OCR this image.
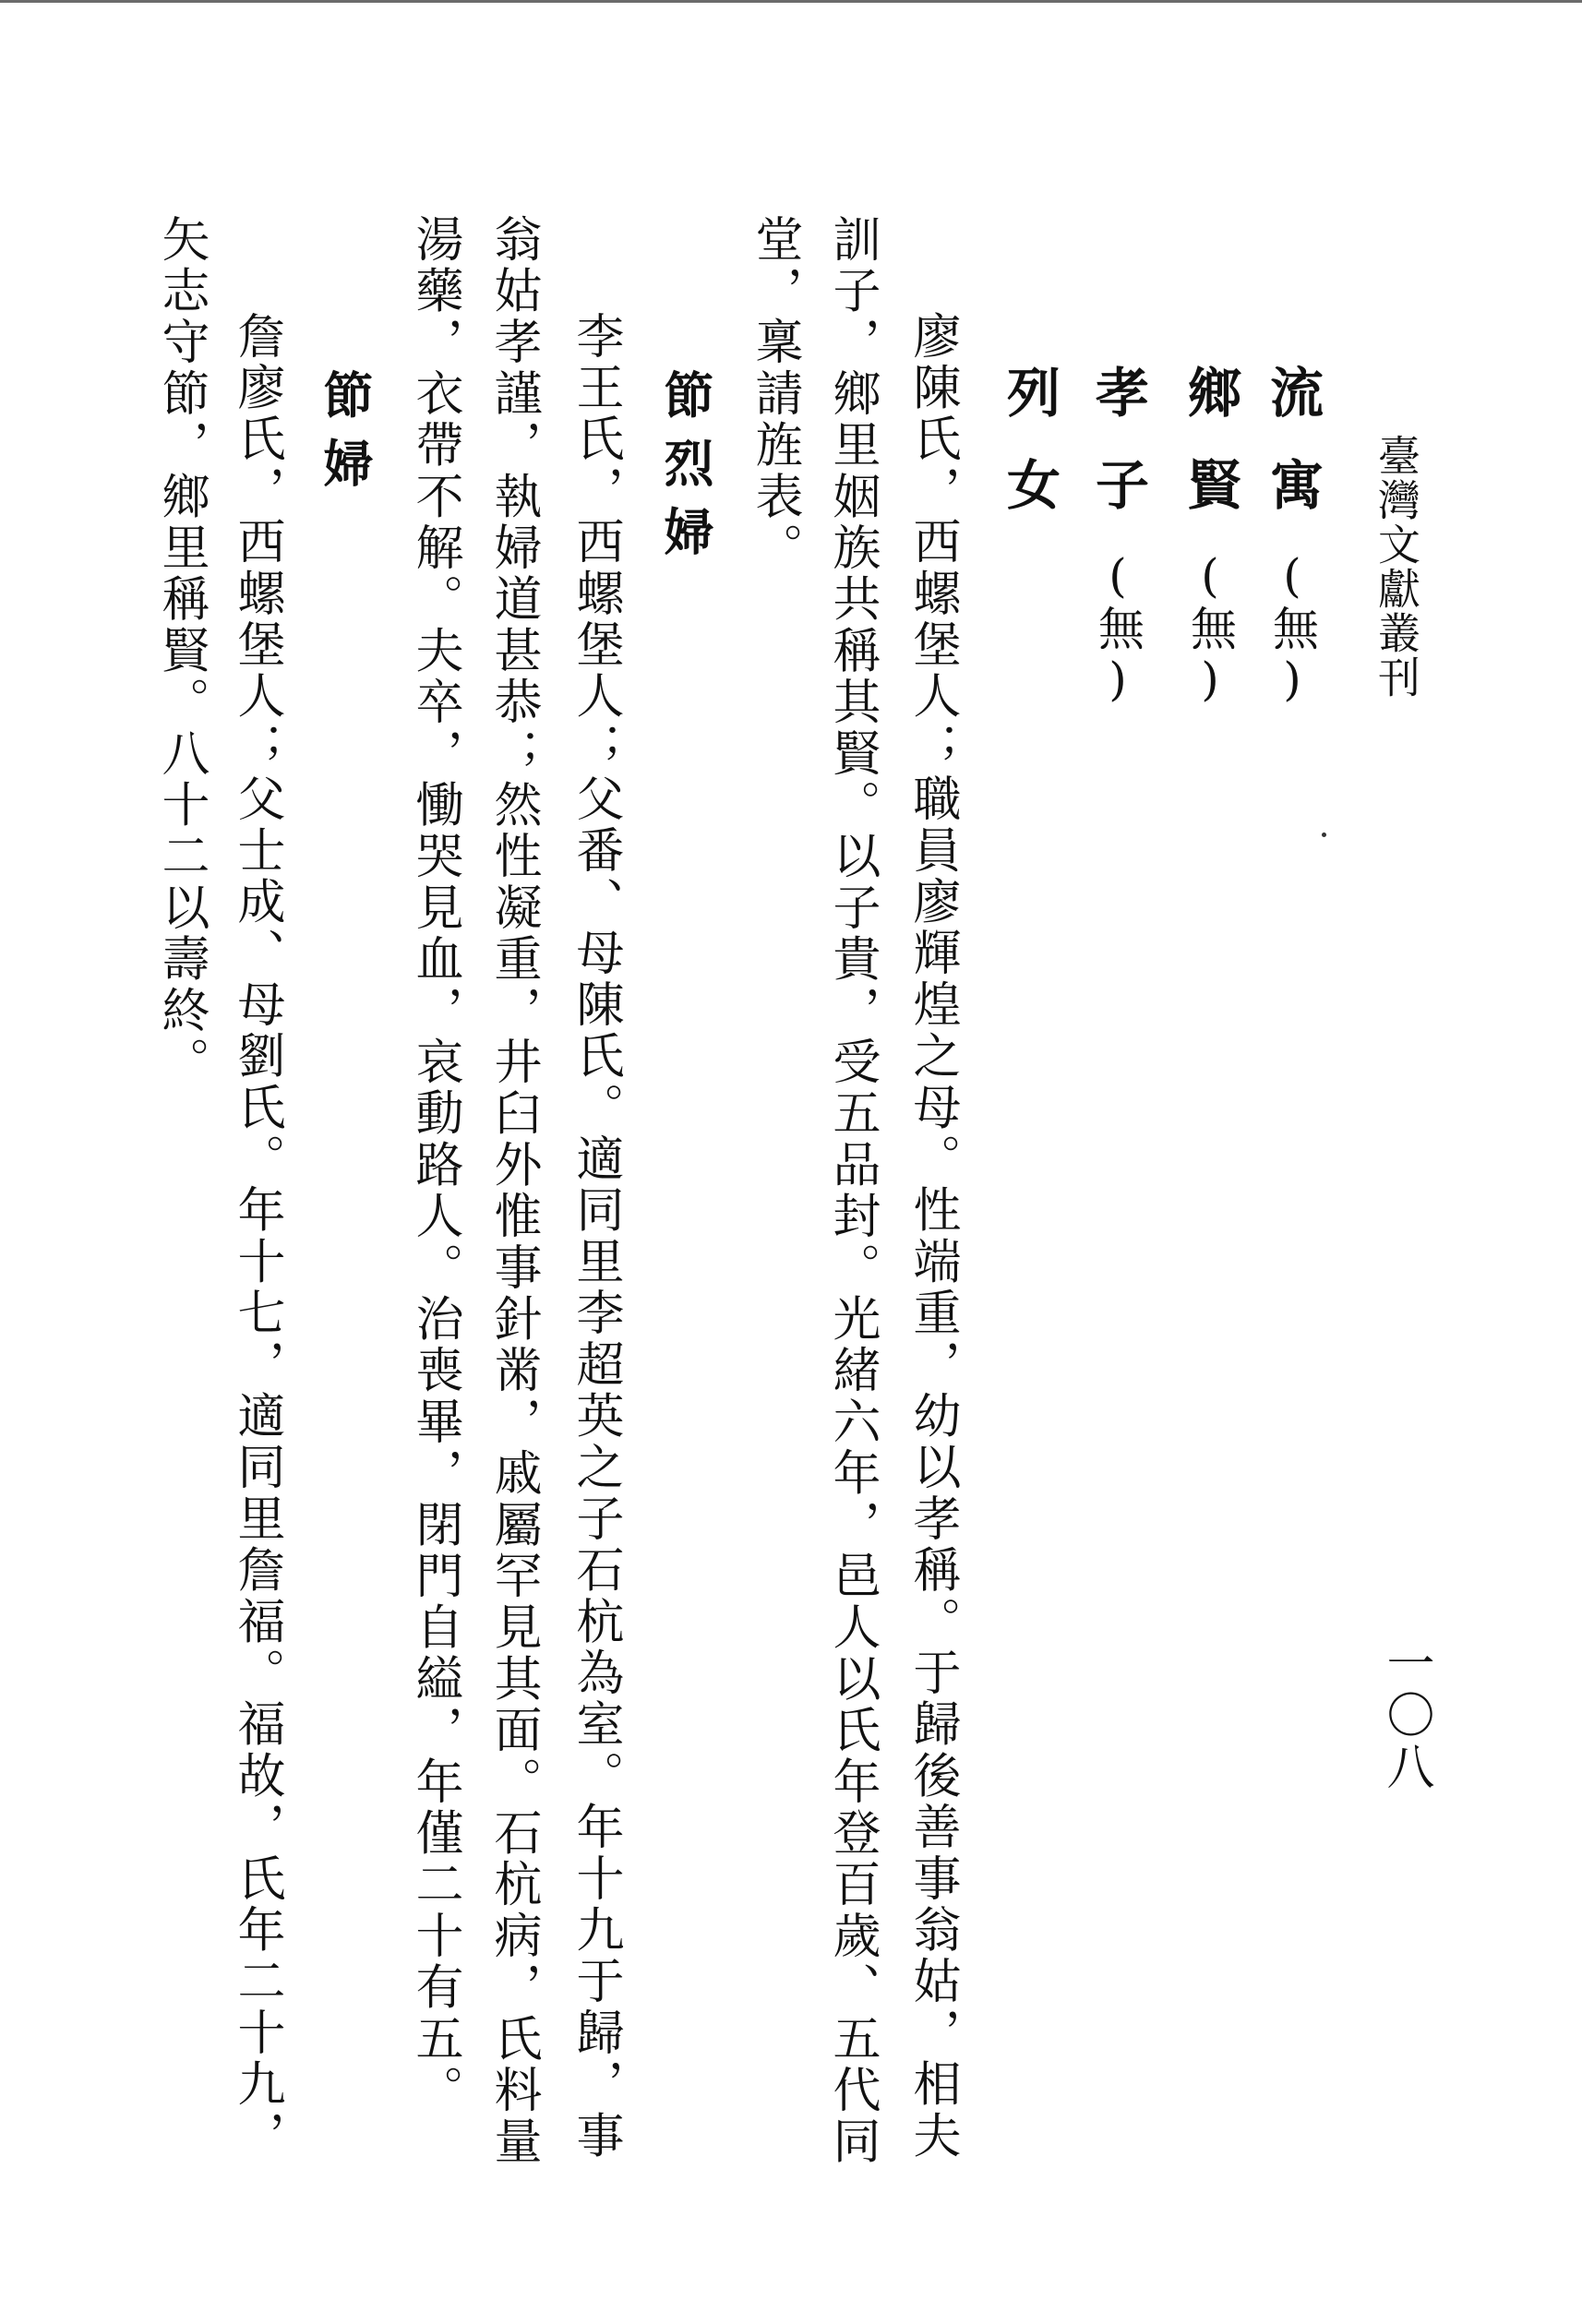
臺灣文獻叢刊
一〇八
流寓(無)
鄉賢(無)
孝子(無)
列女
廖陳氏，西螺堡人；職員廖輝煌之母。性端重，幼以孝稱。于歸後善事翁姑，相夫
訓子，鄉里姻族共稱其賢。以子貴，受五品封。光緒六年，邑人以氏年登百歲、五代同
堂，稟請旌表。
節烈婦
李王氏，西螺堡人；父番、母陳氏。適同里李超英之子石杭為室。年十九于歸，事
翁姑孝謹，執婦道甚恭；然性凝重，井臼外惟事針黹，戚屬罕見其面。石杭病，氏料量
湯藥，衣帶不解。夫卒，慟哭見血，哀動路人。治喪畢，閉門自縊，年僅二十有五。
節婦
詹廖氏，西螺堡人；父士成、母劉氏。年十七，適同里詹福。福故，氏年二十九，
矢志守節，鄉里稱賢。八十二以壽終。
